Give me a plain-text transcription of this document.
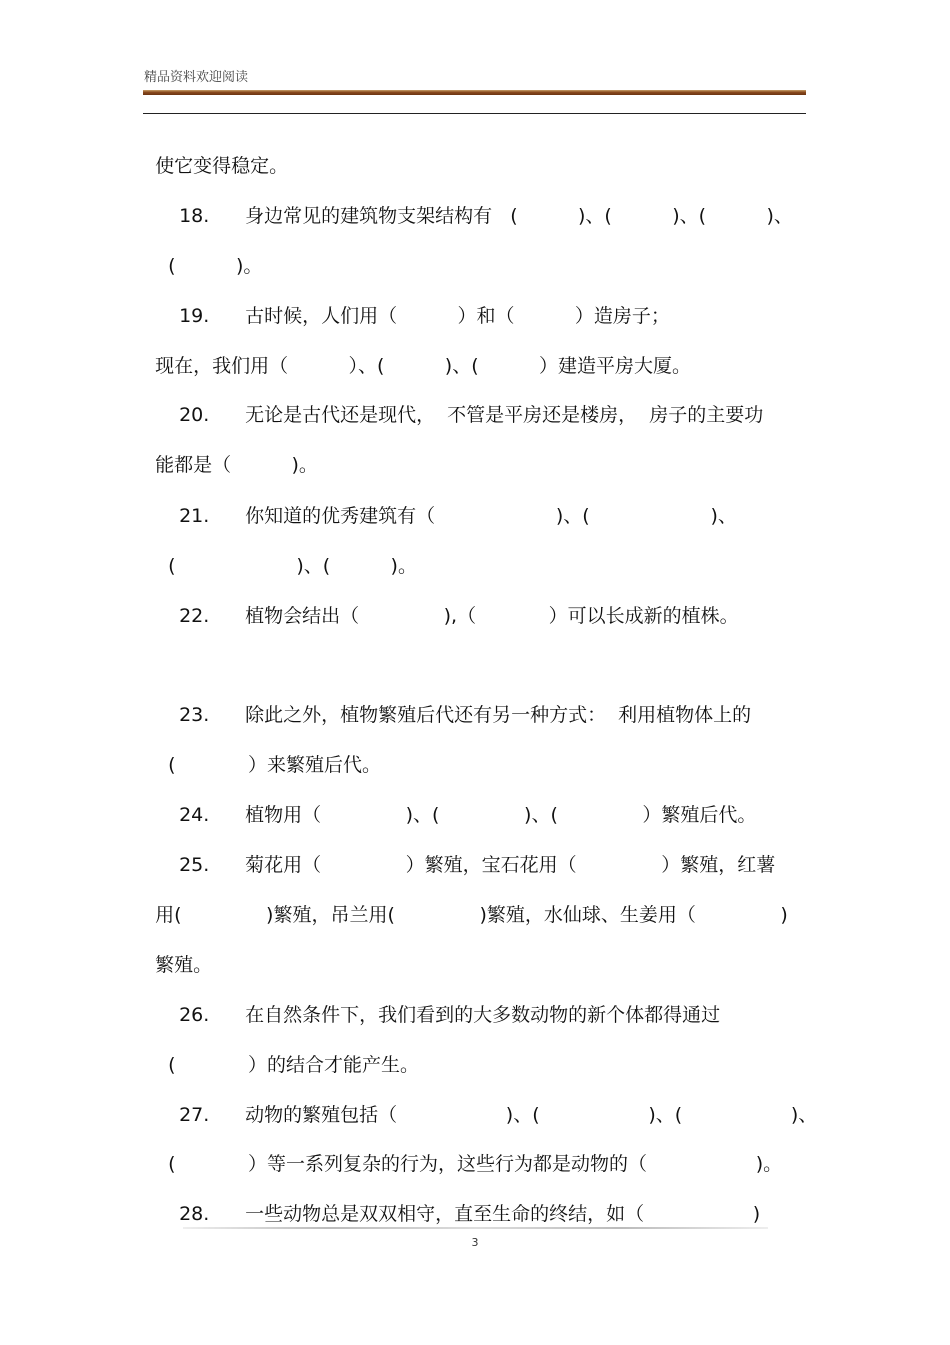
精品资料欢迎阅读

使它变得稳定。

18. 身边常见的建筑物支架结构有   (          )、(          )、(          )、

(          )。

19. 古时候，人们用（          ）和（          ）造房子；

现在，我们用（          ）、(          )、(          ）建造平房大厦。

20. 无论是古代还是现代，  不管是平房还是楼房，  房子的主要功

能都是（          )。

21. 你知道的优秀建筑有（                    )、(                    )、

(                    )、(          )。

22. 植物会结出（              ),（            ）可以长成新的植株。

23. 除此之外，植物繁殖后代还有另一种方式：  利用植物体上的

(            ）来繁殖后代。

24. 植物用（              )、(              )、(              ）繁殖后代。

25. 菊花用（              ）繁殖，宝石花用（              ）繁殖，红薯

用(              )繁殖，吊兰用(              )繁殖，水仙球、生姜用（              )

繁殖。

26. 在自然条件下，我们看到的大多数动物的新个体都得通过

(            ）的结合才能产生。

27. 动物的繁殖包括（                  )、(                  )、(                  )、

(            ）等一系列复杂的行为，这些行为都是动物的（                  )。

28. 一些动物总是双双相守，直至生命的终结，如（                  )

3
